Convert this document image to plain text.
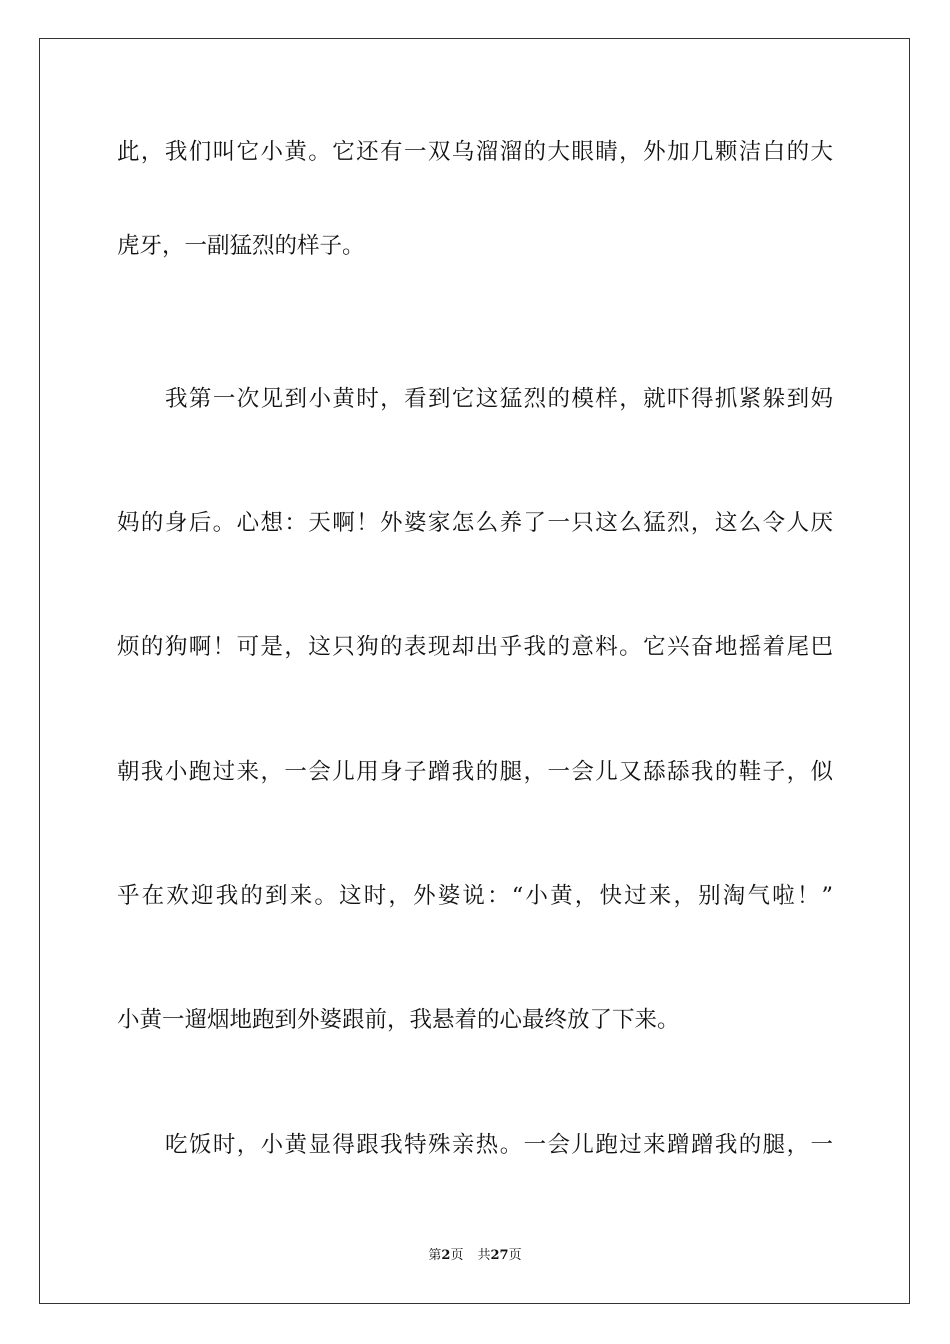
此，我们叫它小黄。它还有一双乌溜溜的大眼睛，外加几颗洁白的大
虎牙，一副猛烈的样子。
我第一次见到小黄时，看到它这猛烈的模样，就吓得抓紧躲到妈
妈的身后。心想：天啊！外婆家怎么养了一只这么猛烈，这么令人厌
烦的狗啊！可是，这只狗的表现却出乎我的意料。它兴奋地摇着尾巴
朝我小跑过来，一会儿用身子蹭我的腿，一会儿又舔舔我的鞋子，似
乎在欢迎我的到来。这时，外婆说：“小黄，快过来，别淘气啦！”
小黄一遛烟地跑到外婆跟前，我悬着的心最终放了下来。
吃饭时，小黄显得跟我特殊亲热。一会儿跑过来蹭蹭我的腿，一
第2页 共27页
